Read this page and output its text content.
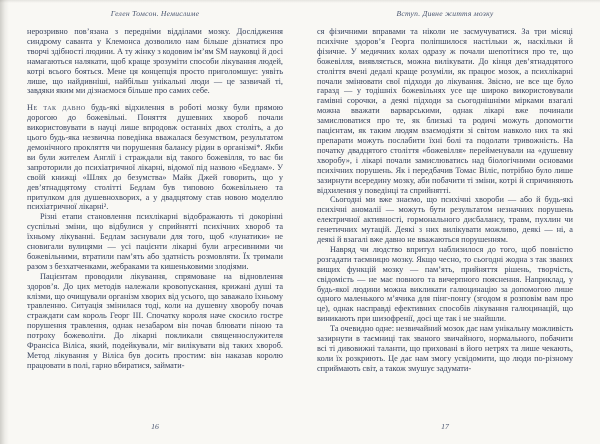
Гелен Томсон. Немислиме

нерозривно пов’язана з передніми відділами мозку. Дослідження синдрому саванта у Клемонса дозволило нам більше дізнатися про творчі здібності людини. А ту жінку з кодовим ім’ям SM науковці й досі намагаються налякати, щоб краще зрозуміти способи лікування людей, котрі всього бояться. Мене ця концепція просто приголомшує: уявіть лише, що найдивніші, найбільш унікальні люди — це зазвичай ті, завдяки яким ми дізнаємося більше про самих себе.

Не так давно будь-які відхилення в роботі мозку були прямою дорогою до божевільні. Поняття душевних хвороб почали використовувати в науці лише впродовж останніх двох століть, а до цього будь-яка незвична поведінка вважалася безумством, результатом демонічного прокляття чи порушення балансу рідин в організмі*. Якби ви були жителем Англії і страждали від такого божевілля, то вас би запроторили до психіатричної лікарні, відомої під назвою «Бедлам». У своїй книжці «Шлях до безумства» Майк Джей говорить, що у дев’ятнадцятому столітті Бедлам був типовою божевільнею та притулком для душевнохворих, а у двадцятому став новою моделлю психіатричної лікарні².

Різні етапи становлення психлікарні відображають ті докорінні суспільні зміни, що відбулися у сприйнятті психічних хвороб та їхньому лікуванні. Бедлам заснували для того, щоб «лунатики» не сновигали вулицями — усі пацієнти лікарні були агресивними чи божевільними, втратили пам’ять або здатність розмовляти. Їх тримали разом з безхатченками, жебраками та кишеньковими злодіями.

Пацієнтам проводили лікування, спрямоване на відновлення здоров’я. До цих методів належали кровопускання, крижані душі та клізми, що очищували організм хворих від усього, що заважало їхньому травленню. Ситуація змінилася тоді, коли на душевну хворобу почав страждати сам король Георг III. Спочатку короля наче скосило гостре порушення травлення, однак незабаром він почав блювати піною та потроху божеволіти. До лікарні покликали священнослужителя Франсіса Віліса, який, подейкували, міг вилікувати від таких хвороб. Метод лікування у Віліса був досить простим: він наказав королю працювати в полі, гарно вбиратися, займати-

16
Вступ. Дивне життя мозку

ся фізичними вправами та ніколи не засмучуватися. За три місяці психічне здоров’я Георга поліпшилося настільки ж, наскільки й фізичне. У медичних колах одразу ж почали шепотітися про те, що божевілля, виявляється, можна вилікувати. До кінця дев’ятнадцятого століття вчені дедалі краще розуміли, як працює мозок, а психлікарні почали змінювати свої підходи до лікування. Звісно, не все ще було гаразд — у тодішніх божевільнях усе ще широко використовували гамівні сорочки, а деякі підходи за сьогоднішніми мірками взагалі можна вважати варварськими, однак лікарі вже починали замислюватися про те, як близькі та родичі можуть допомогти пацієнтам, як таким людям взаємодіяти зі світом навколо них та які препарати можуть послабити їхні болі та подолати тривожність. На початку двадцятого століття «божевілля» перейменували на «душевну хворобу», і лікарі почали замислюватись над біологічними основами психічних порушень. Як і передбачив Томас Віліс, потрібно було лише зазирнути всередину мозку, аби побачити ті зміни, котрі й спричиняють відхилення у поведінці та сприйнятті.

Сьогодні ми вже знаємо, що психічні хвороби — або й будь-які психічні аномалії — можуть бути результатом незначних порушень електричної активності, гормонального дисбалансу, травм, пухлин чи генетичних мутацій. Деякі з них вилікувати можливо, деякі — ні, а деякі й взагалі вже давно не вважаються порушенням.

Навряд чи людство впритул наблизилося до того, щоб повністю розгадати таємницю мозку. Якщо чесно, то сьогодні жодна з так званих вищих функцій мозку — пам’ять, прийняття рішень, творчість, свідомість — не має повного та вичерпного пояснення. Наприклад, у будь-якої людини можна викликати галюцинацію за допомогою лише одного маленького м’ячика для пінг-понгу (згодом я розповім вам про це), однак насправді ефективних способів лікування галюцинацій, що виникають при шизофренії, досі ще так і не знайшли.

Та очевидно одне: незвичайний мозок дає нам унікальну можливість зазирнути в таємниці так званого звичайного, нормального, побачити всі ті дивовижні таланти, що приховані в його нетрях та лише чекають, коли їх розкриють. Це дає нам змогу усвідомити, що люди по-різному сприймають світ, а також змушує задумати-

17
